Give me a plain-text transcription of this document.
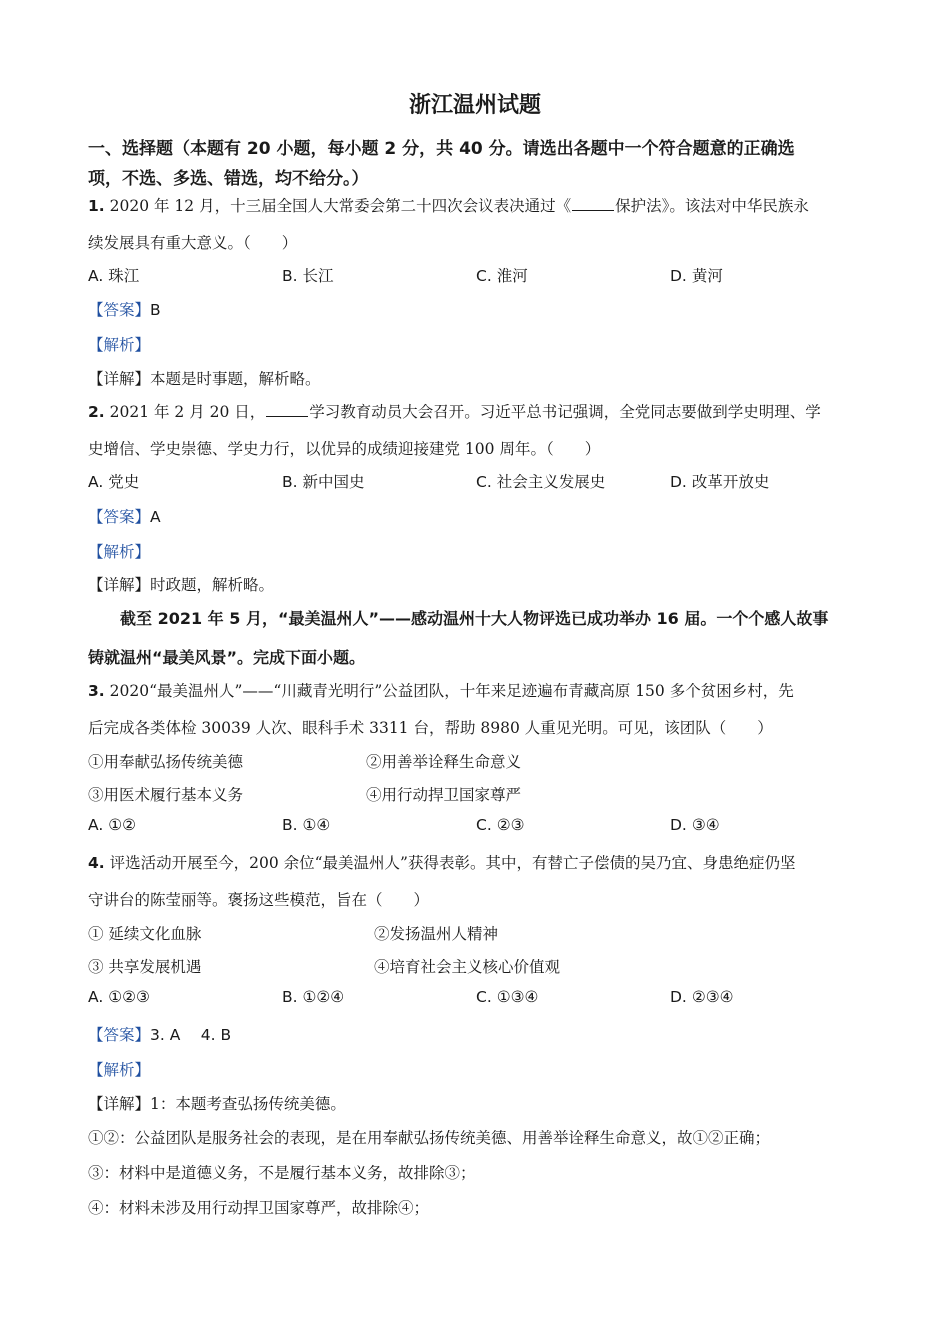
浙江温州试题
一、选择题（本题有 20 小题，每小题 2 分，共 40 分。请选出各题中一个符合题意的正确选
项，不选、多选、错选，均不给分。）
1. 2020 年 12 月，十三届全国人大常委会第二十四次会议表决通过《	保护法》。该法对中华民族永
续发展具有重大意义。（　　）
A. 珠江	B. 长江	C. 淮河	D. 黄河
【答案】B
【解析】
【详解】本题是时事题，解析略。
2. 2021 年 2 月 20 日，	学习教育动员大会召开。习近平总书记强调，全党同志要做到学史明理、学
史增信、学史崇德、学史力行，以优异的成绩迎接建党 100 周年。（　　）
A. 党史	B. 新中国史	C. 社会主义发展史	D. 改革开放史
【答案】A
【解析】
【详解】时政题，解析略。
截至 2021 年 5 月，“最美温州人”——感动温州十大人物评选已成功举办 16 届。一个个感人故事
铸就温州“最美风景”。完成下面小题。
3. 2020“最美温州人”——“川藏青光明行”公益团队，十年来足迹遍布青藏高原 150 多个贫困乡村，先
后完成各类体检 30039 人次、眼科手术 3311 台，帮助 8980 人重见光明。可见，该团队（　　）
①用奉献弘扬传统美德	②用善举诠释生命意义
③用医术履行基本义务	④用行动捍卫国家尊严
A. ①②	B. ①④	C. ②③	D. ③④
4. 评选活动开展至今，200 余位“最美温州人”获得表彰。其中，有替亡子偿债的吴乃宜、身患绝症仍坚
守讲台的陈莹丽等。褒扬这些模范，旨在（　　）
① 延续文化血脉	②发扬温州人精神
③ 共享发展机遇	④培育社会主义核心价值观
A. ①②③	B. ①②④	C. ①③④	D. ②③④
【答案】3. A　 4. B
【解析】
【详解】1：本题考查弘扬传统美德。
①②：公益团队是服务社会的表现，是在用奉献弘扬传统美德、用善举诠释生命意义，故①②正确；
③：材料中是道德义务，不是履行基本义务，故排除③；
④：材料未涉及用行动捍卫国家尊严，故排除④；
